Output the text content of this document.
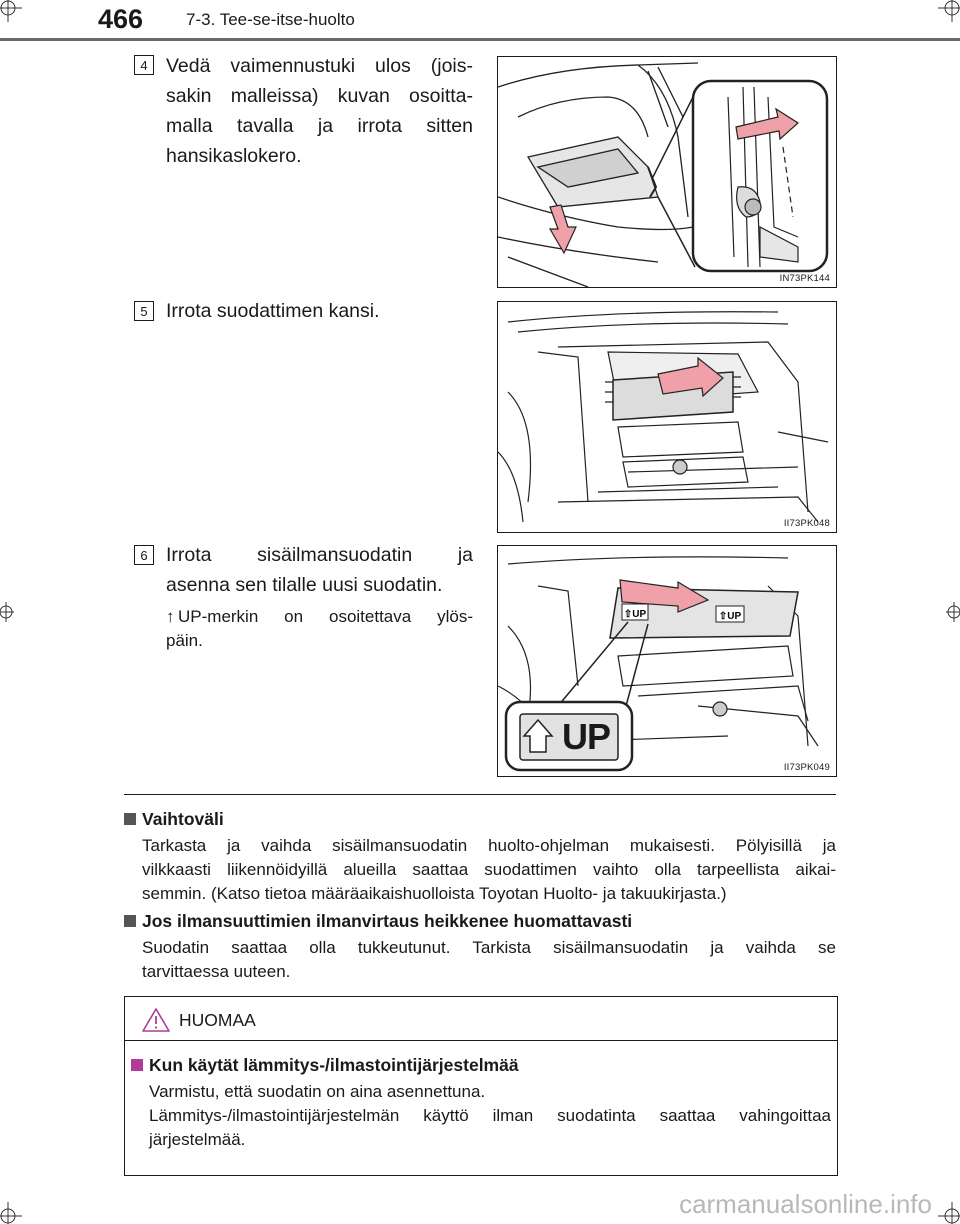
466	7-3. Tee-se-itse-huolto
4 Vedä vaimennustuki ulos (jois-
sakin malleissa) kuvan osoitta-
malla tavalla ja irrota sitten
hansikaslokero.
IN73PK144
5 Irrota suodattimen kansi.
II73PK048
6 Irrota sisäilmansuodatin ja
asenna sen tilalle uusi suodatin.
↑ UP-merkin on osoitettava ylös-
päin.
⇧UP	⇧UP
UP
II73PK049
Vaihtoväli
Tarkasta ja vaihda sisäilmansuodatin huolto-ohjelman mukaisesti. Pölyisillä ja
vilkkaasti liikennöidyillä alueilla saattaa suodattimen vaihto olla tarpeellista aikai-
semmin. (Katso tietoa määräaikaishuolloista Toyotan Huolto- ja takuukirjasta.)
Jos ilmansuuttimien ilmanvirtaus heikkenee huomattavasti
Suodatin saattaa olla tukkeutunut. Tarkista sisäilmansuodatin ja vaihda se
tarvittaessa uuteen.
HUOMAA
Kun käytät lämmitys-/ilmastointijärjestelmää
Varmistu, että suodatin on aina asennettuna.
Lämmitys-/ilmastointijärjestelmän käyttö ilman suodatinta saattaa vahingoittaa
järjestelmää.
carmanualsonline.info
